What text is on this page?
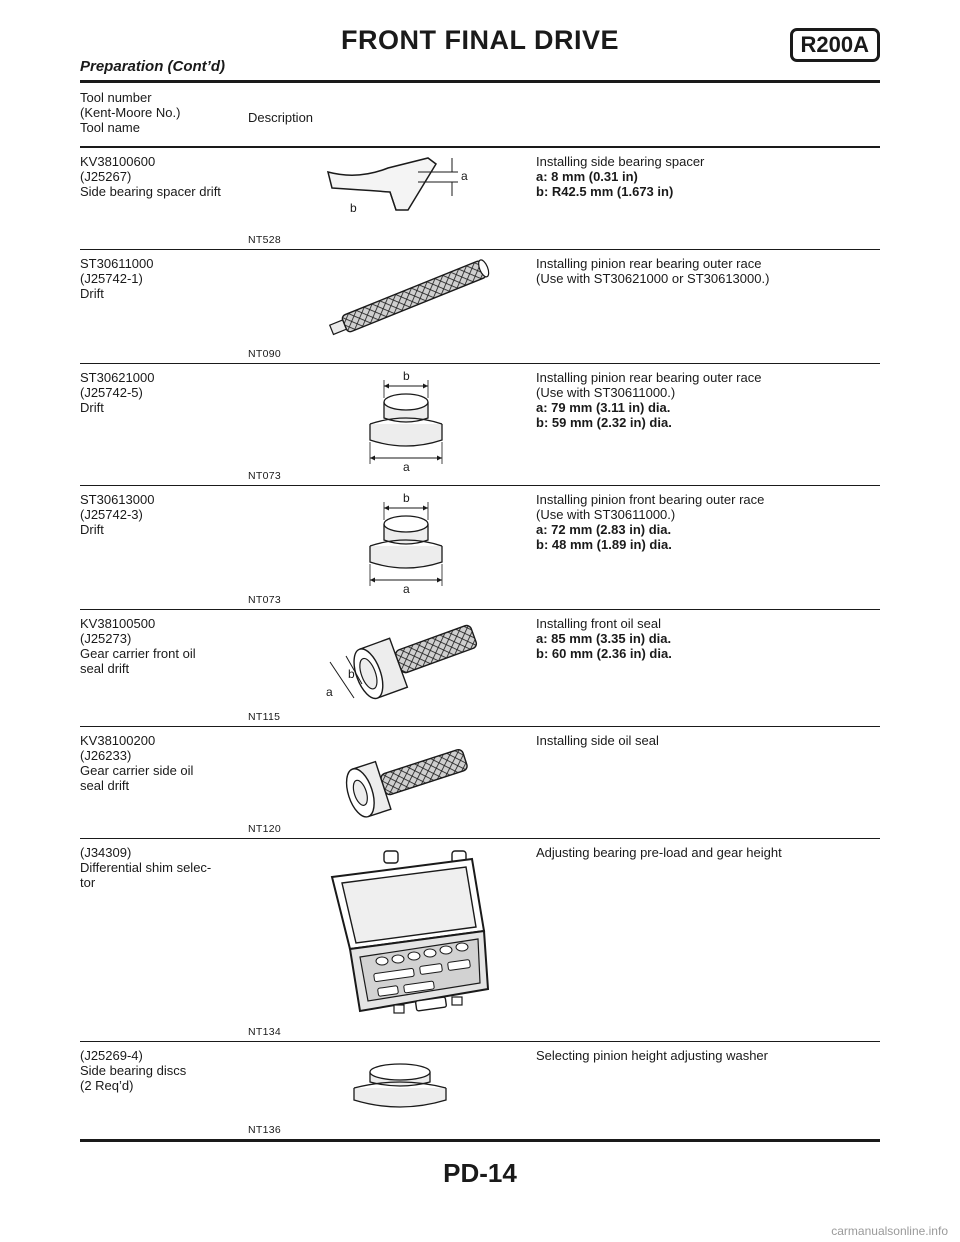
FRONT FINAL DRIVE	R200A
Preparation (Cont’d)
Tool number
(Kent-Moore No.)
Tool name
Description
KV38100600
(J25267)
Side bearing spacer drift
a
b
NT528
Installing side bearing spacer
a: 8 mm (0.31 in)
b: R42.5 mm (1.673 in)
ST30611000
(J25742-1)
Drift
NT090
Installing pinion rear bearing outer race
(Use with ST30621000 or ST30613000.)
ST30621000
(J25742-5)
Drift
b
a
NT073
Installing pinion rear bearing outer race
(Use with ST30611000.)
a: 79 mm (3.11 in) dia.
b: 59 mm (2.32 in) dia.
ST30613000
(J25742-3)
Drift
b
a
NT073
Installing pinion front bearing outer race
(Use with ST30611000.)
a: 72 mm (2.83 in) dia.
b: 48 mm (1.89 in) dia.
KV38100500
(J25273)
Gear carrier front oil
seal drift
a
b
NT115
Installing front oil seal
a: 85 mm (3.35 in) dia.
b: 60 mm (2.36 in) dia.
KV38100200
(J26233)
Gear carrier side oil
seal drift
NT120
Installing side oil seal
(J34309)
Differential shim selec-
tor
NT134
Adjusting bearing pre-load and gear height
(J25269-4)
Side bearing discs
(2 Req’d)
NT136
Selecting pinion height adjusting washer
PD-14
carmanualsonline.info
